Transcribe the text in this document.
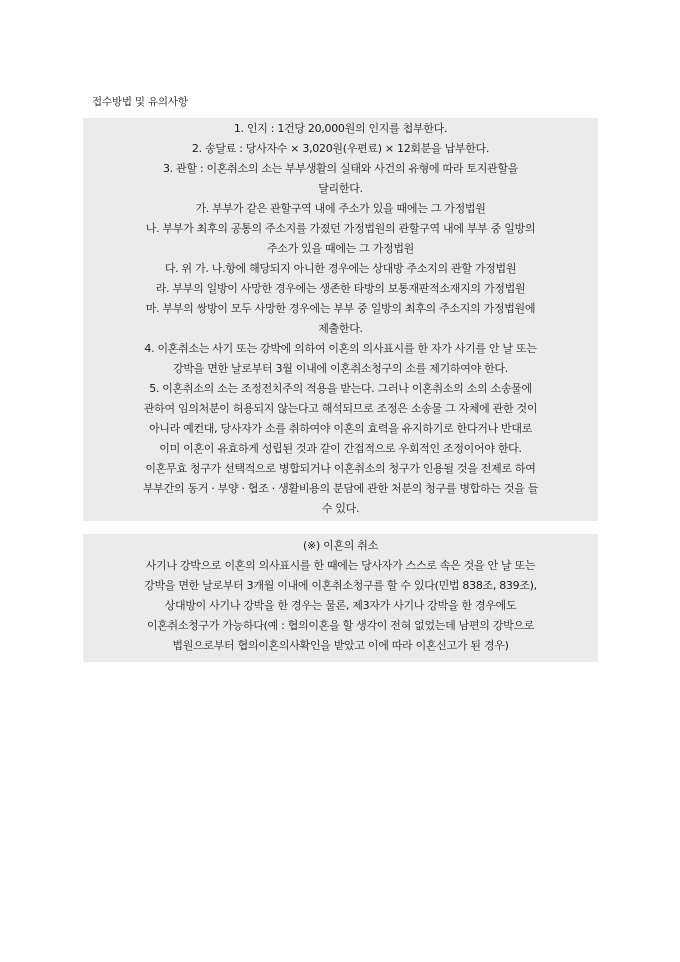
접수방법 및 유의사항
1. 인지 : 1건당 20,000원의 인지를 첩부한다.
2. 송달료 : 당사자수 × 3,020원(우편료) × 12회분을 납부한다.
3. 관할 : 이혼취소의 소는 부부생활의 실태와 사건의 유형에 따라 토지관할을
달리한다.
가. 부부가 같은 관할구역 내에 주소가 있을 때에는 그 가정법원
나. 부부가 최후의 공통의 주소지를 가졌던 가정법원의 관할구역 내에 부부 중 일방의
주소가 있을 때에는 그 가정법원
다. 위 가. 나.항에 해당되지 아니한 경우에는 상대방 주소지의 관할 가정법원
라. 부부의 일방이 사망한 경우에는 생존한 타방의 보통재판적소재지의 가정법원
마. 부부의 쌍방이 모두 사망한 경우에는 부부 중 일방의 최후의 주소지의 가정법원에
제출한다.
4. 이혼취소는 사기 또는 강박에 의하여 이혼의 의사표시를 한 자가 사기를 안 날 또는
강박을 면한 날로부터 3월 이내에 이혼취소청구의 소를 제기하여야 한다.
5. 이혼취소의 소는 조정전치주의 적용을 받는다. 그러나 이혼취소의 소의 소송물에
관하여 임의처분이 허용되지 않는다고 해석되므로 조정은 소송물 그 자체에 관한 것이
아니라 예컨대, 당사자가 소를 취하여야 이혼의 효력을 유지하기로 한다거나 반대로
이미 이혼이 유효하게 성립된 것과 같이 간접적으로 우회적인 조정이어야 한다.
이혼무효 청구가 선택적으로 병합되거나 이혼취소의 청구가 인용될 것을 전제로 하여
부부간의 동거 · 부양 · 협조 · 생활비용의 분담에 관한 처분의 청구를 병합하는 것을 들
수 있다.
(※) 이혼의 취소
사기나 강박으로 이혼의 의사표시를 한 때에는 당사자가 스스로 속은 것을 안 날 또는
강박을 면한 날로부터 3개월 이내에 이혼취소청구를 할 수 있다(민법 838조, 839조),
상대방이 사기나 강박을 한 경우는 물론, 제3자가 사기나 강박을 한 경우에도
이혼취소청구가 가능하다(예 : 협의이혼을 할 생각이 전혀 없었는데 남편의 강박으로
법원으로부터 협의이혼의사확인을 받았고 이에 따라 이혼신고가 된 경우)
